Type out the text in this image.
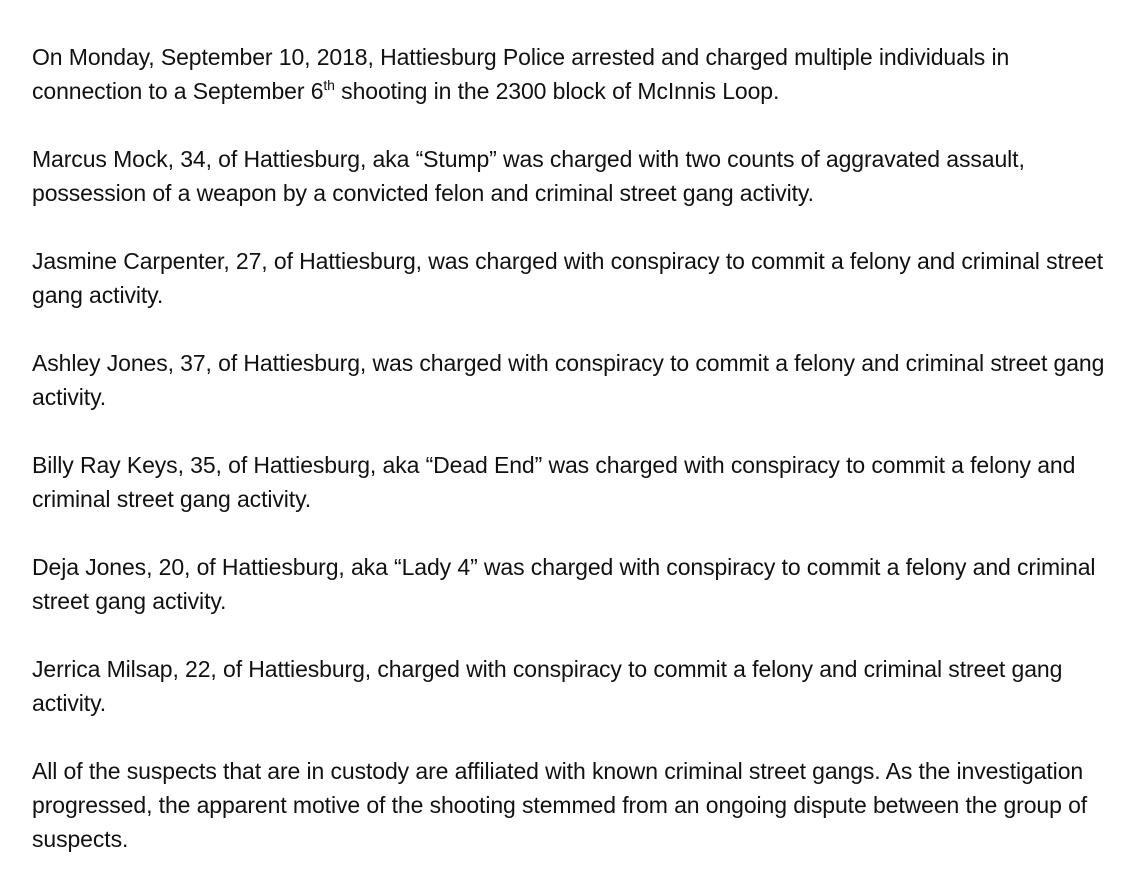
On Monday, September 10, 2018, Hattiesburg Police arrested and charged multiple individuals in connection to a September 6th shooting in the 2300 block of McInnis Loop.

Marcus Mock, 34, of Hattiesburg, aka “Stump” was charged with two counts of aggravated assault, possession of a weapon by a convicted felon and criminal street gang activity.

Jasmine Carpenter, 27, of Hattiesburg, was charged with conspiracy to commit a felony and criminal street gang activity.

Ashley Jones, 37, of Hattiesburg, was charged with conspiracy to commit a felony and criminal street gang activity.

Billy Ray Keys, 35, of Hattiesburg, aka “Dead End” was charged with conspiracy to commit a felony and criminal street gang activity.

Deja Jones, 20, of Hattiesburg, aka “Lady 4” was charged with conspiracy to commit a felony and criminal street gang activity.

Jerrica Milsap, 22, of Hattiesburg, charged with conspiracy to commit a felony and criminal street gang activity.

All of the suspects that are in custody are affiliated with known criminal street gangs. As the investigation progressed, the apparent motive of the shooting stemmed from an ongoing dispute between the group of suspects.
